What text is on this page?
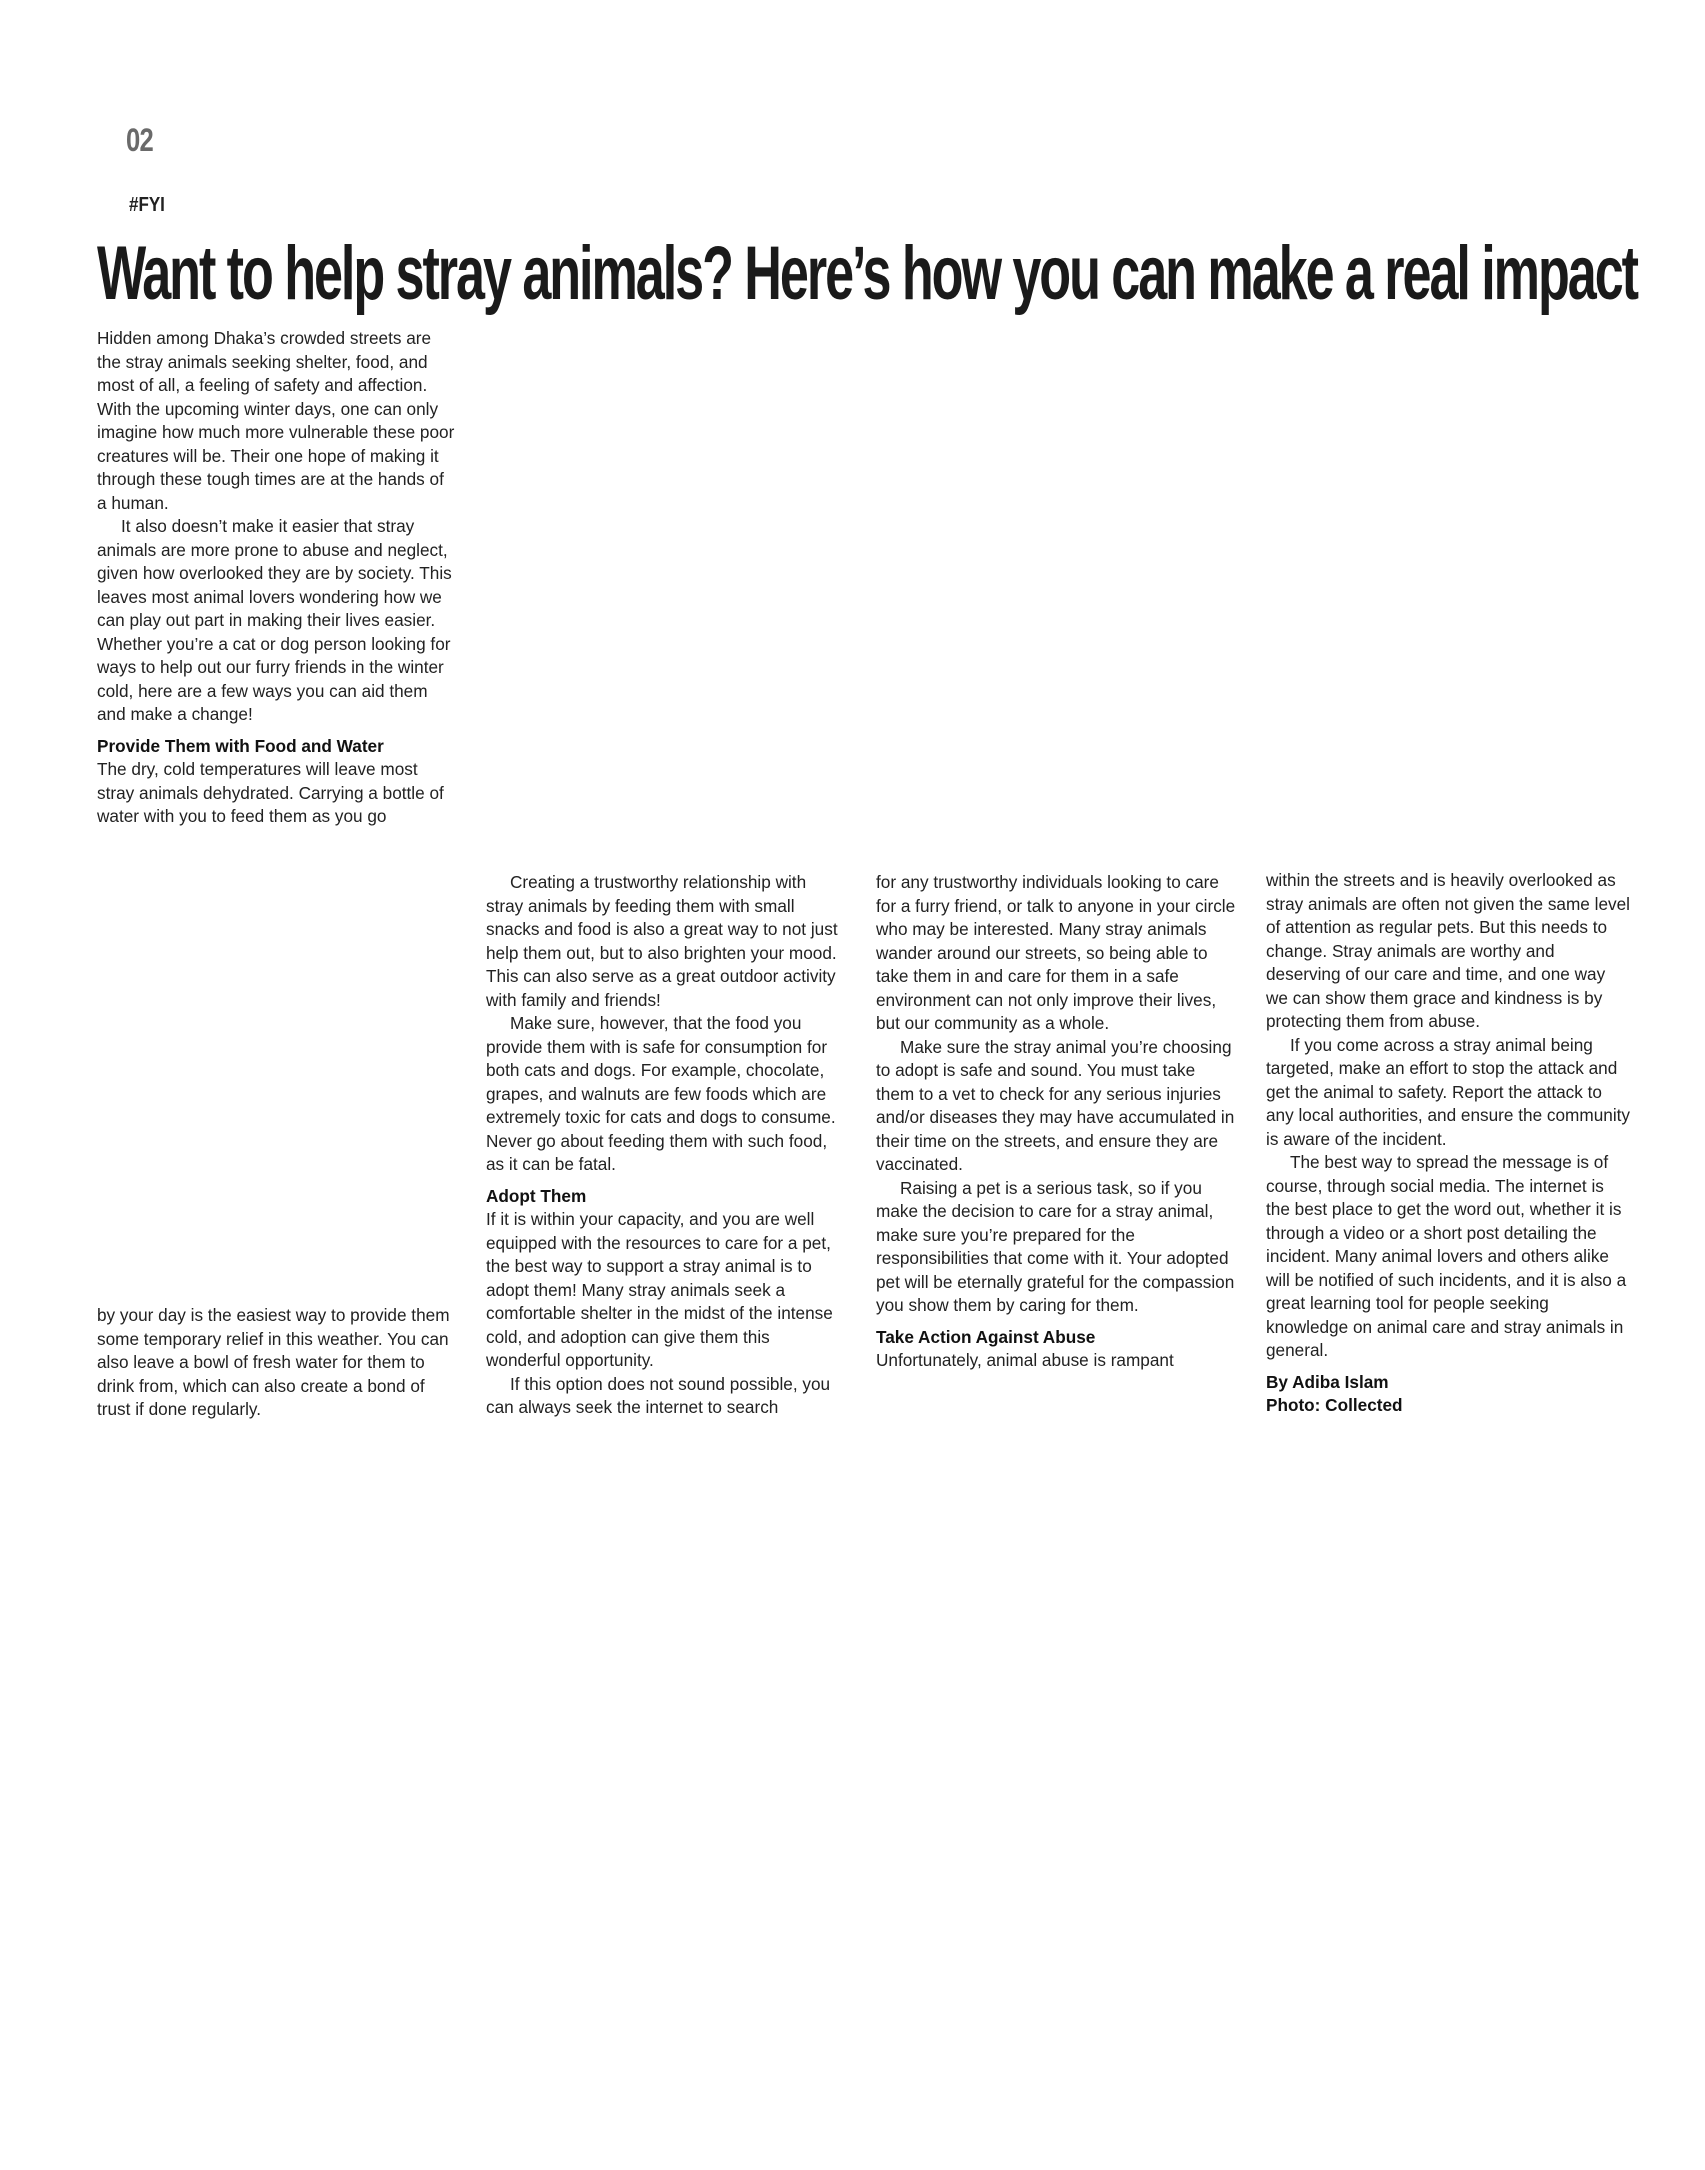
02
#FYI
Want to help stray animals? Here’s how you can make a real impact

Hidden among Dhaka’s crowded streets are the stray animals seeking shelter, food, and most of all, a feeling of safety and affection. With the upcoming winter days, one can only imagine how much more vulnerable these poor creatures will be. Their one hope of making it through these tough times are at the hands of a human.

It also doesn’t make it easier that stray animals are more prone to abuse and neglect, given how overlooked they are by society. This leaves most animal lovers wondering how we can play out part in making their lives easier. Whether you’re a cat or dog person looking for ways to help out our furry friends in the winter cold, here are a few ways you can aid them and make a change!

Provide Them with Food and Water

The dry, cold temperatures will leave most stray animals dehydrated. Carrying a bottle of water with you to feed them as you go

by your day is the easiest way to provide them some temporary relief in this weather. You can also leave a bowl of fresh water for them to drink from, which can also create a bond of trust if done regularly.

Creating a trustworthy relationship with stray animals by feeding them with small snacks and food is also a great way to not just help them out, but to also brighten your mood. This can also serve as a great outdoor activity with family and friends!

Make sure, however, that the food you provide them with is safe for consumption for both cats and dogs. For example, chocolate, grapes, and walnuts are few foods which are extremely toxic for cats and dogs to consume. Never go about feeding them with such food, as it can be fatal.

Adopt Them

If it is within your capacity, and you are well equipped with the resources to care for a pet, the best way to support a stray animal is to adopt them! Many stray animals seek a comfortable shelter in the midst of the intense cold, and adoption can give them this wonderful opportunity.

If this option does not sound possible, you can always seek the internet to search

for any trustworthy individuals looking to care for a furry friend, or talk to anyone in your circle who may be interested. Many stray animals wander around our streets, so being able to take them in and care for them in a safe environment can not only improve their lives, but our community as a whole.

Make sure the stray animal you’re choosing to adopt is safe and sound. You must take them to a vet to check for any serious injuries and/or diseases they may have accumulated in their time on the streets, and ensure they are vaccinated.

Raising a pet is a serious task, so if you make the decision to care for a stray animal, make sure you’re prepared for the responsibilities that come with it. Your adopted pet will be eternally grateful for the compassion you show them by caring for them.

Take Action Against Abuse

Unfortunately, animal abuse is rampant

within the streets and is heavily overlooked as stray animals are often not given the same level of attention as regular pets. But this needs to change. Stray animals are worthy and deserving of our care and time, and one way we can show them grace and kindness is by protecting them from abuse.

If you come across a stray animal being targeted, make an effort to stop the attack and get the animal to safety. Report the attack to any local authorities, and ensure the community is aware of the incident.

The best way to spread the message is of course, through social media. The internet is the best place to get the word out, whether it is through a video or a short post detailing the incident. Many animal lovers and others alike will be notified of such incidents, and it is also a great learning tool for people seeking knowledge on animal care and stray animals in general.

By Adiba Islam

Photo: Collected
